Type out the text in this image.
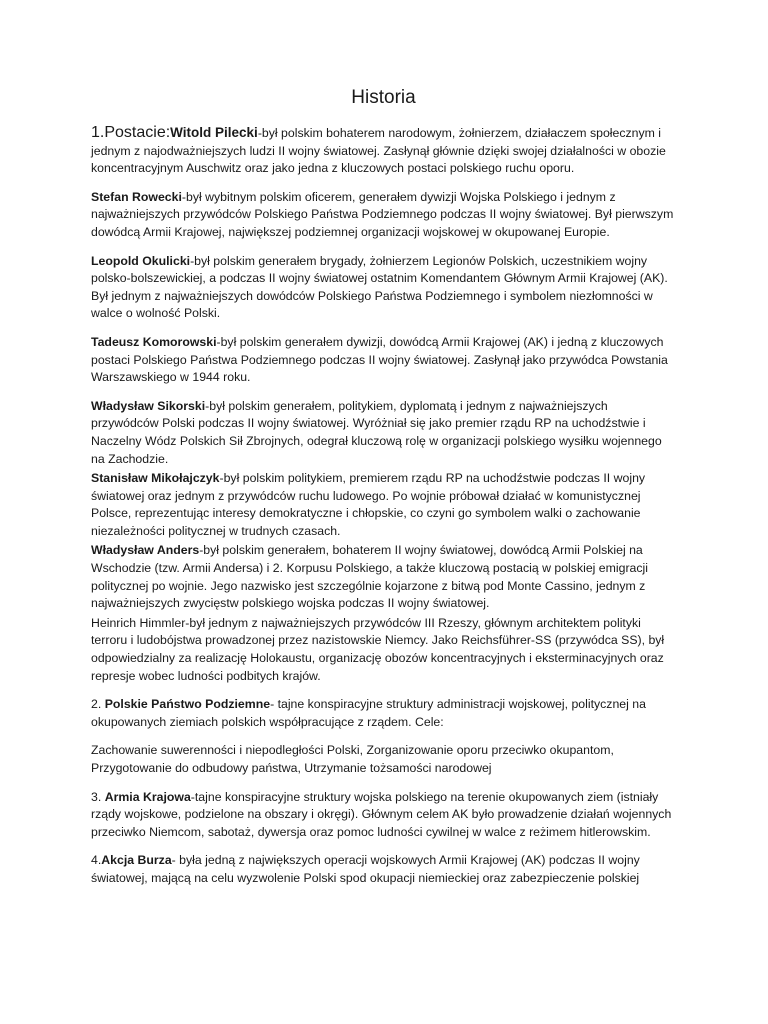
Historia

1.Postacie:Witold Pilecki-był polskim bohaterem narodowym, żołnierzem, działaczem społecznym i jednym z najodważniejszych ludzi II wojny światowej. Zasłynął głównie dzięki swojej działalności w obozie koncentracyjnym Auschwitz oraz jako jedna z kluczowych postaci polskiego ruchu oporu.

Stefan Rowecki-był wybitnym polskim oficerem, generałem dywizji Wojska Polskiego i jednym z najważniejszych przywódców Polskiego Państwa Podziemnego podczas II wojny światowej. Był pierwszym dowódcą Armii Krajowej, największej podziemnej organizacji wojskowej w okupowanej Europie.

Leopold Okulicki-był polskim generałem brygady, żołnierzem Legionów Polskich, uczestnikiem wojny polsko-bolszewickiej, a podczas II wojny światowej ostatnim Komendantem Głównym Armii Krajowej (AK). Był jednym z najważniejszych dowódców Polskiego Państwa Podziemnego i symbolem niezłomności w walce o wolność Polski.

Tadeusz Komorowski-był polskim generałem dywizji, dowódcą Armii Krajowej (AK) i jedną z kluczowych postaci Polskiego Państwa Podziemnego podczas II wojny światowej. Zasłynął jako przywódca Powstania Warszawskiego w 1944 roku.

Władysław Sikorski-był polskim generałem, politykiem, dyplomatą i jednym z najważniejszych przywódców Polski podczas II wojny światowej. Wyróżniał się jako premier rządu RP na uchodźstwie i Naczelny Wódz Polskich Sił Zbrojnych, odegrał kluczową rolę w organizacji polskiego wysiłku wojennego na Zachodzie.

Stanisław Mikołajczyk-był polskim politykiem, premierem rządu RP na uchodźstwie podczas II wojny światowej oraz jednym z przywódców ruchu ludowego. Po wojnie próbował działać w komunistycznej Polsce, reprezentując interesy demokratyczne i chłopskie, co czyni go symbolem walki o zachowanie niezależności politycznej w trudnych czasach.

Władysław Anders-był polskim generałem, bohaterem II wojny światowej, dowódcą Armii Polskiej na Wschodzie (tzw. Armii Andersa) i 2. Korpusu Polskiego, a także kluczową postacią w polskiej emigracji politycznej po wojnie. Jego nazwisko jest szczególnie kojarzone z bitwą pod Monte Cassino, jednym z najważniejszych zwycięstw polskiego wojska podczas II wojny światowej.

Heinrich Himmler-był jednym z najważniejszych przywódców III Rzeszy, głównym architektem polityki terroru i ludobójstwa prowadzonej przez nazistowskie Niemcy. Jako Reichsführer-SS (przywódca SS), był odpowiedzialny za realizację Holokaustu, organizację obozów koncentracyjnych i eksterminacyjnych oraz represje wobec ludności podbitych krajów.

2. Polskie Państwo Podziemne- tajne konspiracyjne struktury administracji wojskowej, politycznej na okupowanych ziemiach polskich współpracujące z rządem. Cele:

Zachowanie suwerenności i niepodległości Polski, Zorganizowanie oporu przeciwko okupantom, Przygotowanie do odbudowy państwa, Utrzymanie tożsamości narodowej

3. Armia Krajowa-tajne konspiracyjne struktury wojska polskiego na terenie okupowanych ziem (istniały rządy wojskowe, podzielone na obszary i okręgi). Głównym celem AK było prowadzenie działań wojennych przeciwko Niemcom, sabotaż, dywersja oraz pomoc ludności cywilnej w walce z reżimem hitlerowskim.

4.Akcja Burza- była jedną z największych operacji wojskowych Armii Krajowej (AK) podczas II wojny światowej, mającą na celu wyzwolenie Polski spod okupacji niemieckiej oraz zabezpieczenie polskiej
